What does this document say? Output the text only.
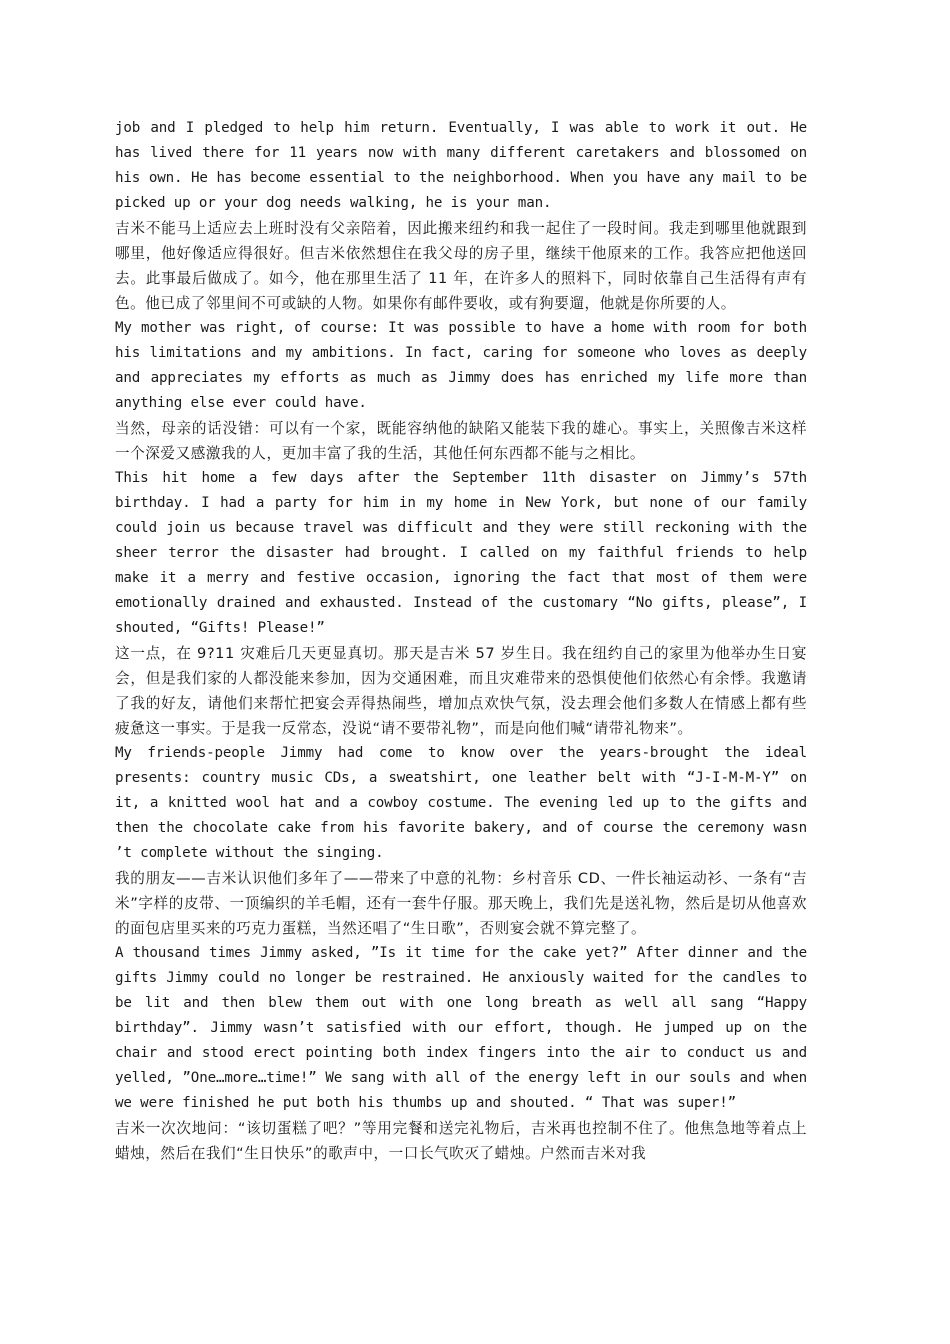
job and I pledged to help him return. Eventually, I was able to work it out. He has lived there for 11 years now with many different caretakers and blossomed on his own. He has become essential to the neighborhood. When you have any mail to be picked up or your dog needs walking, he is your man.

吉米不能马上适应去上班时没有父亲陪着，因此搬来纽约和我一起住了一段时间。我走到哪里他就跟到哪里，他好像适应得很好。但吉米依然想住在我父母的房子里，继续干他原来的工作。我答应把他送回去。此事最后做成了。如今，他在那里生活了 11 年，在许多人的照料下，同时依靠自己生活得有声有色。他已成了邻里间不可或缺的人物。如果你有邮件要收，或有狗要遛，他就是你所要的人。

My mother was right, of course: It was possible to have a home with room for both his limitations and my ambitions. In fact, caring for someone who loves as deeply and appreciates my efforts as much as Jimmy does has enriched my life more than anything else ever could have.

当然，母亲的话没错：可以有一个家，既能容纳他的缺陷又能装下我的雄心。事实上，关照像吉米这样一个深爱又感激我的人，更加丰富了我的生活，其他任何东西都不能与之相比。

This hit home a few days after the September 11th disaster on Jimmy’s 57th birthday. I had a party for him in my home in New York, but none of our family could join us because travel was difficult and they were still reckoning with the sheer terror the disaster had brought. I called on my faithful friends to help make it a merry and festive occasion, ignoring the fact that most of them were emotionally drained and exhausted. Instead of the customary “No gifts, please”, I shouted, “Gifts! Please!”

这一点，在 9?11 灾难后几天更显真切。那天是吉米 57 岁生日。我在纽约自己的家里为他举办生日宴会，但是我们家的人都没能来参加，因为交通困难，而且灾难带来的恐惧使他们依然心有余悸。我邀请了我的好友，请他们来帮忙把宴会弄得热闹些，增加点欢快气氛，没去理会他们多数人在情感上都有些疲惫这一事实。于是我一反常态，没说“请不要带礼物”，而是向他们喊“请带礼物来”。

My friends-people Jimmy had come to know over the years-brought the ideal presents: country music CDs, a sweatshirt, one leather belt with “J-I-M-M-Y” on it, a knitted wool hat and a cowboy costume. The evening led up to the gifts and then the chocolate cake from his favorite bakery, and of course the ceremony wasn ’t complete without the singing.

我的朋友——吉米认识他们多年了——带来了中意的礼物：乡村音乐 CD、一件长袖运动衫、一条有“吉米”字样的皮带、一顶编织的羊毛帽，还有一套牛仔服。那天晚上，我们先是送礼物，然后是切从他喜欢的面包店里买来的巧克力蛋糕，当然还唱了“生日歌”，否则宴会就不算完整了。

A thousand times Jimmy asked, ”Is it time for the cake yet?” After dinner and the gifts Jimmy could no longer be restrained. He anxiously waited for the candles to be lit and then blew them out with one long breath as well all sang “Happy birthday”. Jimmy wasn’t satisfied with our effort, though. He jumped up on the chair and stood erect pointing both index fingers into the air to conduct us and yelled, ”One…more…time!” We sang with all of the energy left in our souls and when we were finished he put both his thumbs up and shouted. “ That was super!”

吉米一次次地问：“该切蛋糕了吧？”等用完餐和送完礼物后，吉米再也控制不住了。他焦急地等着点上蜡烛，然后在我们“生日快乐”的歌声中，一口长气吹灭了蜡烛。户然而吉米对我
